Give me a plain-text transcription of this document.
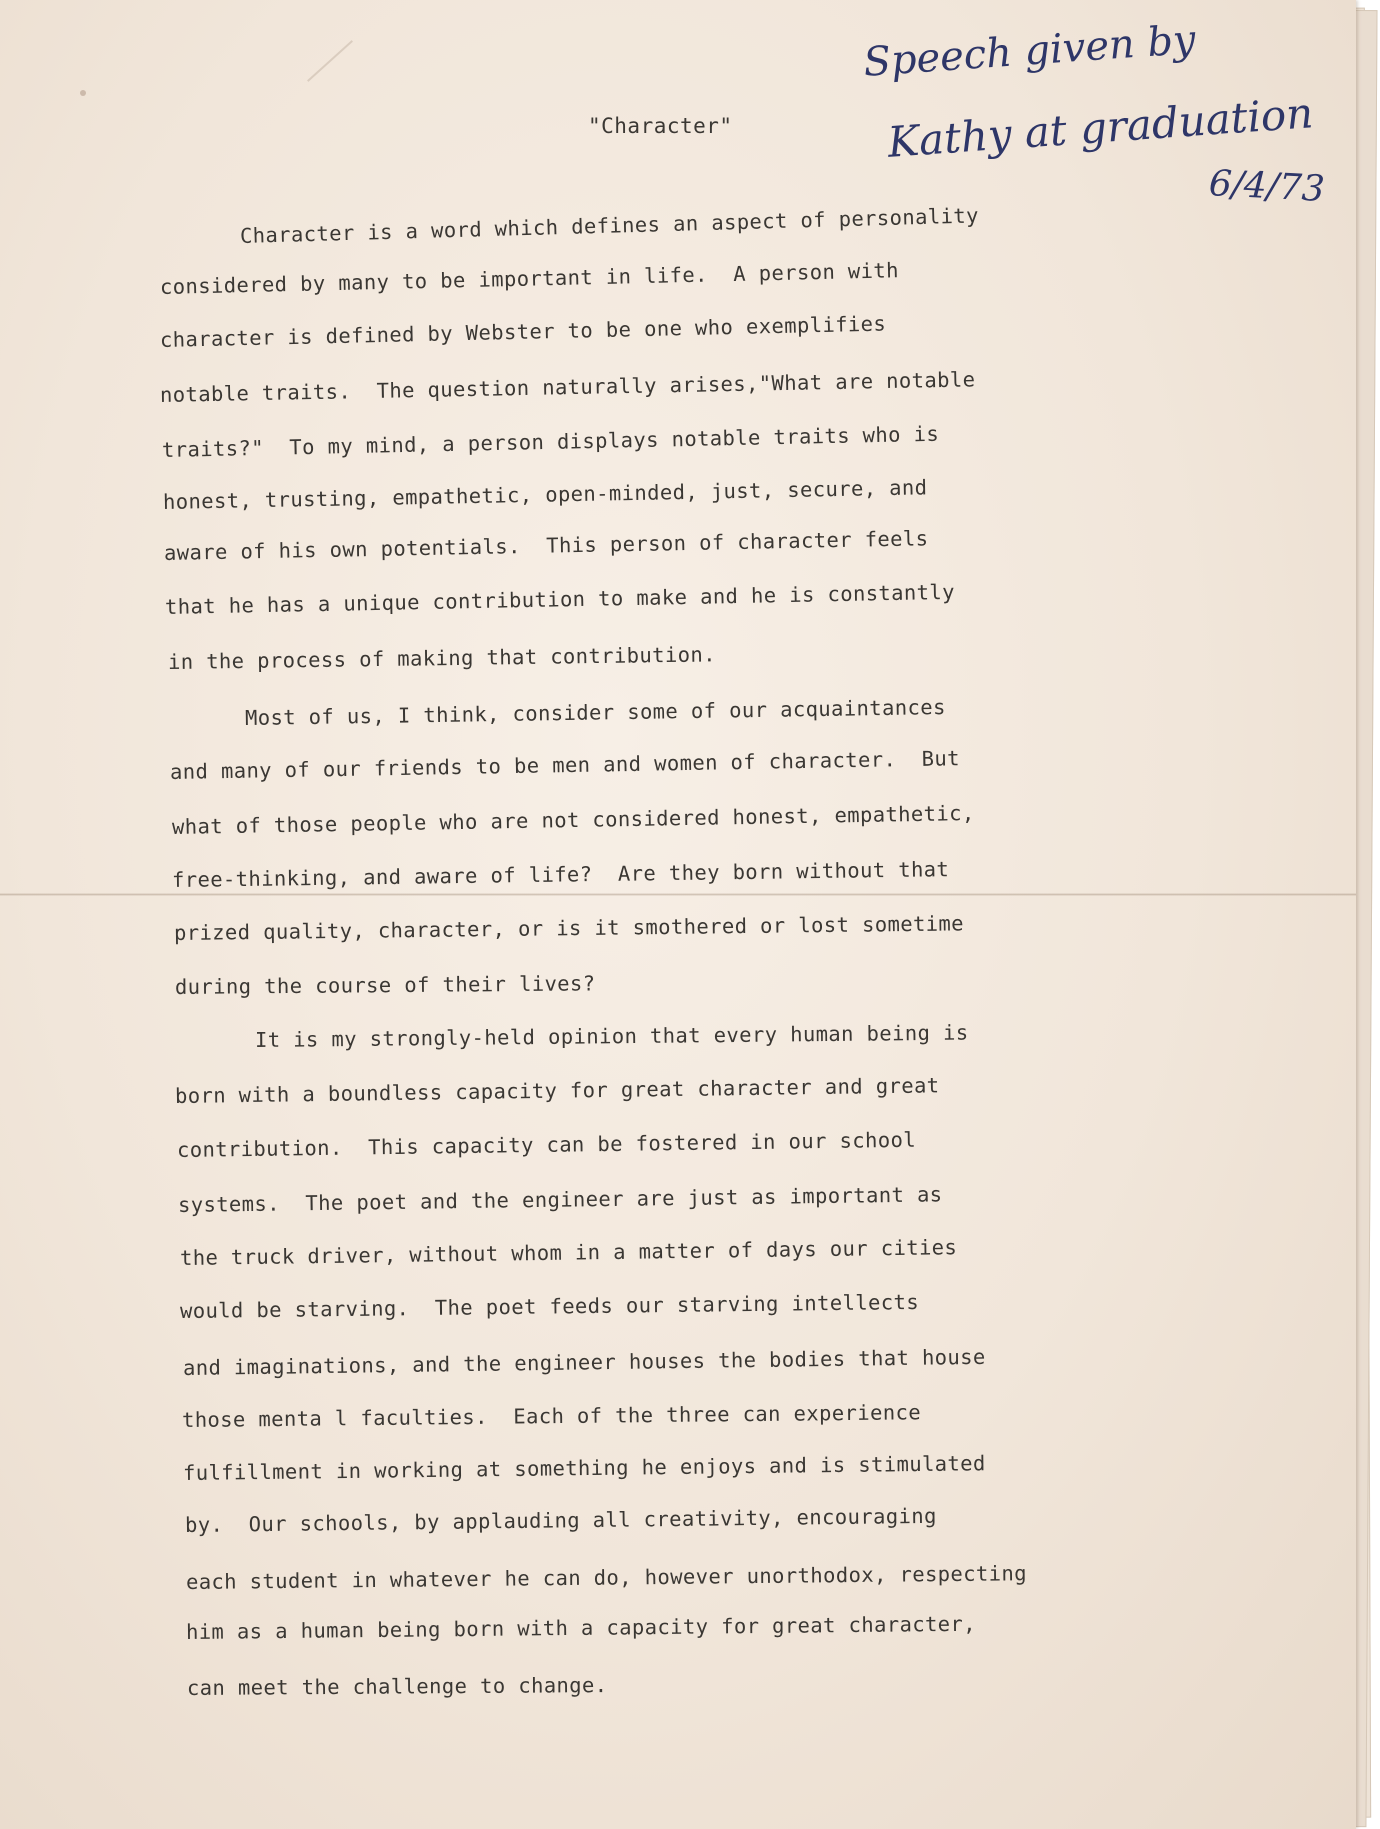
"Character"
Speech given by
Kathy at graduation
6/4/73
Character is a word which defines an aspect of personality
considered by many to be important in life.  A person with
character is defined by Webster to be one who exemplifies
notable traits.  The question naturally arises,"What are notable
traits?"  To my mind, a person displays notable traits who is
honest, trusting, empathetic, open-minded, just, secure, and
aware of his own potentials.  This person of character feels
that he has a unique contribution to make and he is constantly
in the process of making that contribution.
Most of us, I think, consider some of our acquaintances
and many of our friends to be men and women of character.  But
what of those people who are not considered honest, empathetic,
free-thinking, and aware of life?  Are they born without that
prized quality, character, or is it smothered or lost sometime
during the course of their lives?
It is my strongly-held opinion that every human being is
born with a boundless capacity for great character and great
contribution.  This capacity can be fostered in our school
systems.  The poet and the engineer are just as important as
the truck driver, without whom in a matter of days our cities
would be starving.  The poet feeds our starving intellects
and imaginations, and the engineer houses the bodies that house
those menta l faculties.  Each of the three can experience
fulfillment in working at something he enjoys and is stimulated
by.  Our schools, by applauding all creativity, encouraging
each student in whatever he can do, however unorthodox, respecting
him as a human being born with a capacity for great character,
can meet the challenge to change.
